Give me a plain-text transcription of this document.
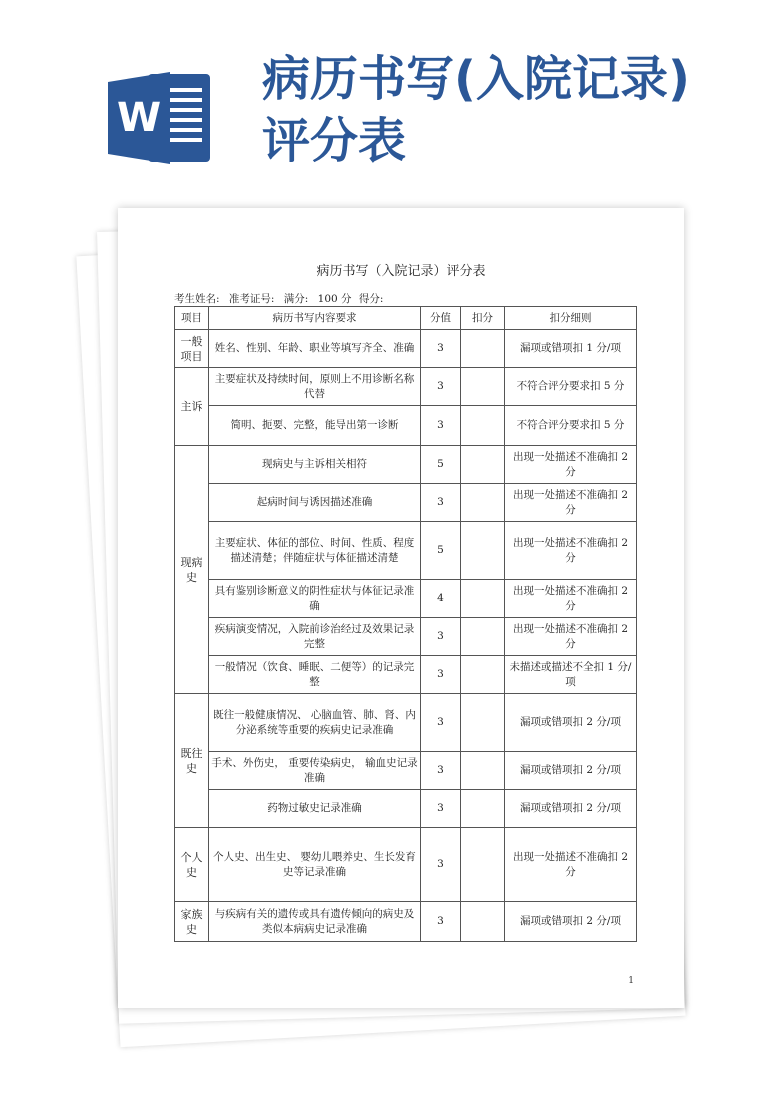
W
病历书写(入院记录)评分表
病历书写（入院记录）评分表
考生姓名: 准考证号: 满分: 100 分 得分:
项目	病历书写内容要求	分值	扣分	扣分细则
一般项目	姓名、性别、年龄、职业等填写齐全、准确	3		漏项或错项扣 1 分/项
主诉	主要症状及持续时间，原则上不用诊断名称代替	3		不符合评分要求扣 5 分
	简明、扼要、完整，能导出第一诊断	3		不符合评分要求扣 5 分
现病史	现病史与主诉相关相符	5		出现一处描述不准确扣 2 分
	起病时间与诱因描述准确	3		出现一处描述不准确扣 2 分
	主要症状、体征的部位、时间、性质、程度描述清楚；伴随症状与体征描述清楚	5		出现一处描述不准确扣 2 分
	具有鉴别诊断意义的阴性症状与体征记录准确	4		出现一处描述不准确扣 2 分
	疾病演变情况，入院前诊治经过及效果记录完整	3		出现一处描述不准确扣 2 分
	一般情况（饮食、睡眠、二便等）的记录完整	3		未描述或描述不全扣 1 分/项
既往史	既往一般健康情况、 心脑血管、肺、肾、内分泌系统等重要的疾病史记录准确	3		漏项或错项扣 2 分/项
	手术、外伤史， 重要传染病史， 输血史记录准确	3		漏项或错项扣 2 分/项
	药物过敏史记录准确	3		漏项或错项扣 2 分/项
个人史	个人史、出生史、 婴幼儿喂养史、生长发育史等记录准确	3		出现一处描述不准确扣 2 分
家族史	与疾病有关的遗传或具有遗传倾向的病史及类似本病病史记录准确	3		漏项或错项扣 2 分/项
1
